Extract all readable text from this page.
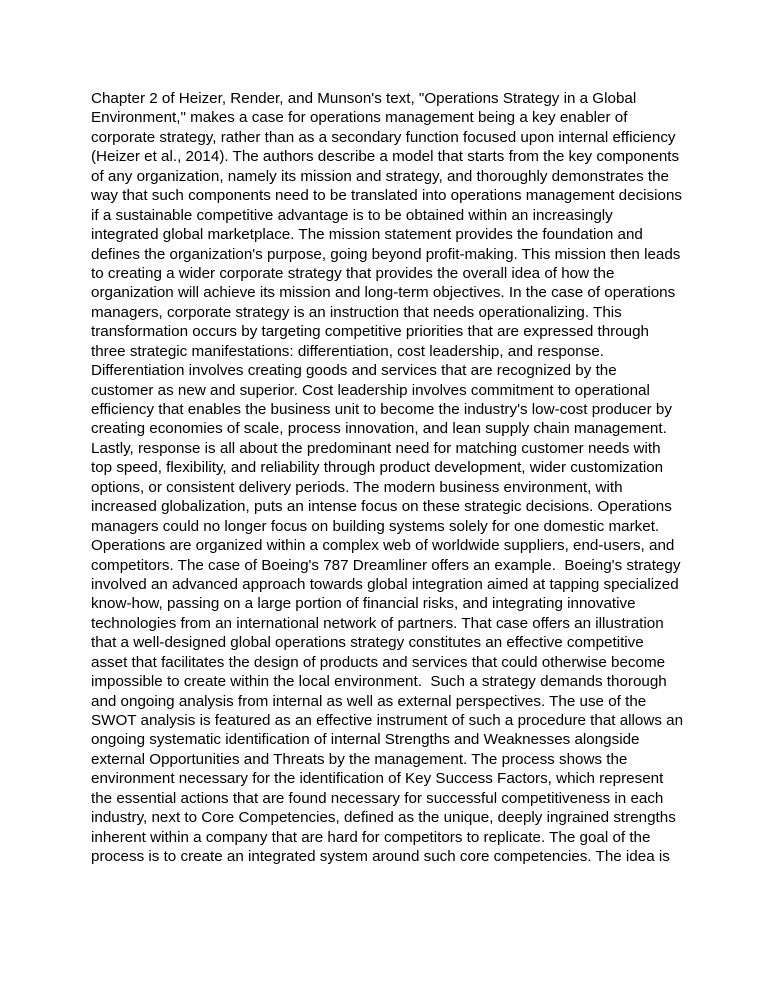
Chapter 2 of Heizer, Render, and Munson's text, "Operations Strategy in a Global
Environment," makes a case for operations management being a key enabler of
corporate strategy, rather than as a secondary function focused upon internal efficiency
(Heizer et al., 2014). The authors describe a model that starts from the key components
of any organization, namely its mission and strategy, and thoroughly demonstrates the
way that such components need to be translated into operations management decisions
if a sustainable competitive advantage is to be obtained within an increasingly
integrated global marketplace. The mission statement provides the foundation and
defines the organization's purpose, going beyond profit-making. This mission then leads
to creating a wider corporate strategy that provides the overall idea of how the
organization will achieve its mission and long-term objectives. In the case of operations
managers, corporate strategy is an instruction that needs operationalizing. This
transformation occurs by targeting competitive priorities that are expressed through
three strategic manifestations: differentiation, cost leadership, and response.
Differentiation involves creating goods and services that are recognized by the
customer as new and superior. Cost leadership involves commitment to operational
efficiency that enables the business unit to become the industry's low-cost producer by
creating economies of scale, process innovation, and lean supply chain management.
Lastly, response is all about the predominant need for matching customer needs with
top speed, flexibility, and reliability through product development, wider customization
options, or consistent delivery periods. The modern business environment, with
increased globalization, puts an intense focus on these strategic decisions. Operations
managers could no longer focus on building systems solely for one domestic market.
Operations are organized within a complex web of worldwide suppliers, end-users, and
competitors. The case of Boeing's 787 Dreamliner offers an example.  Boeing's strategy
involved an advanced approach towards global integration aimed at tapping specialized
know-how, passing on a large portion of financial risks, and integrating innovative
technologies from an international network of partners. That case offers an illustration
that a well-designed global operations strategy constitutes an effective competitive
asset that facilitates the design of products and services that could otherwise become
impossible to create within the local environment.  Such a strategy demands thorough
and ongoing analysis from internal as well as external perspectives. The use of the
SWOT analysis is featured as an effective instrument of such a procedure that allows an
ongoing systematic identification of internal Strengths and Weaknesses alongside
external Opportunities and Threats by the management. The process shows the
environment necessary for the identification of Key Success Factors, which represent
the essential actions that are found necessary for successful competitiveness in each
industry, next to Core Competencies, defined as the unique, deeply ingrained strengths
inherent within a company that are hard for competitors to replicate. The goal of the
process is to create an integrated system around such core competencies. The idea is
